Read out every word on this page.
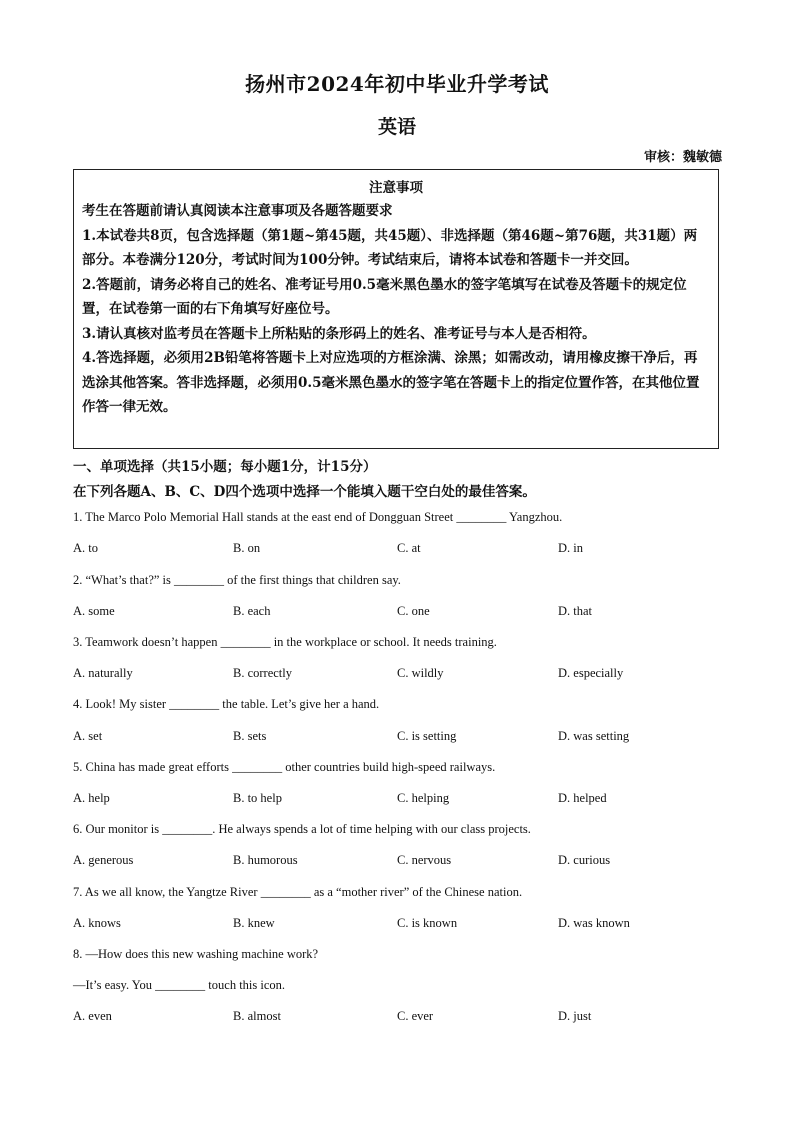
扬州市2024年初中毕业升学考试
英语
审核：魏敏德
注意事项

考生在答题前请认真阅读本注意事项及各题答题要求

1.本试卷共8页，包含选择题（第1题~第45题，共45题）、非选择题（第46题~第76题，共31题）两部分。本卷满分120分，考试时间为100分钟。考试结束后，请将本试卷和答题卡一并交回。

2.答题前，请务必将自己的姓名、准考证号用0.5毫米黑色墨水的签字笔填写在试卷及答题卡的规定位置，在试卷第一面的右下角填写好座位号。

3.请认真核对监考员在答题卡上所粘贴的条形码上的姓名、准考证号与本人是否相符。

4.答选择题，必须用2B铅笔将答题卡上对应选项的方框涂满、涂黑；如需改动，请用橡皮擦干净后，再选涂其他答案。答非选择题，必须用0.5毫米黑色墨水的签字笔在答题卡上的指定位置作答，在其他位置作答一律无效。

一、单项选择（共15小题；每小题1分，计15分）
在下列各题A、B、C、D四个选项中选择一个能填入题干空白处的最佳答案。
1. The Marco Polo Memorial Hall stands at the east end of Dongguan Street ________ Yangzhou.
A. to	B. on	C. at	D. in
2. “What’s that?” is ________ of the first things that children say.
A. some	B. each	C. one	D. that
3. Teamwork doesn’t happen ________ in the workplace or school. It needs training.
A. naturally	B. correctly	C. wildly	D. especially
4. Look! My sister ________ the table. Let’s give her a hand.
A. set	B. sets	C. is setting	D. was setting
5. China has made great efforts ________ other countries build high-speed railways.
A. help	B. to help	C. helping	D. helped
6. Our monitor is ________. He always spends a lot of time helping with our class projects.
A. generous	B. humorous	C. nervous	D. curious
7. As we all know, the Yangtze River ________ as a “mother river” of the Chinese nation.
A. knows	B. knew	C. is known	D. was known
8. —How does this new washing machine work?
—It’s easy. You ________ touch this icon.
A. even	B. almost	C. ever	D. just
